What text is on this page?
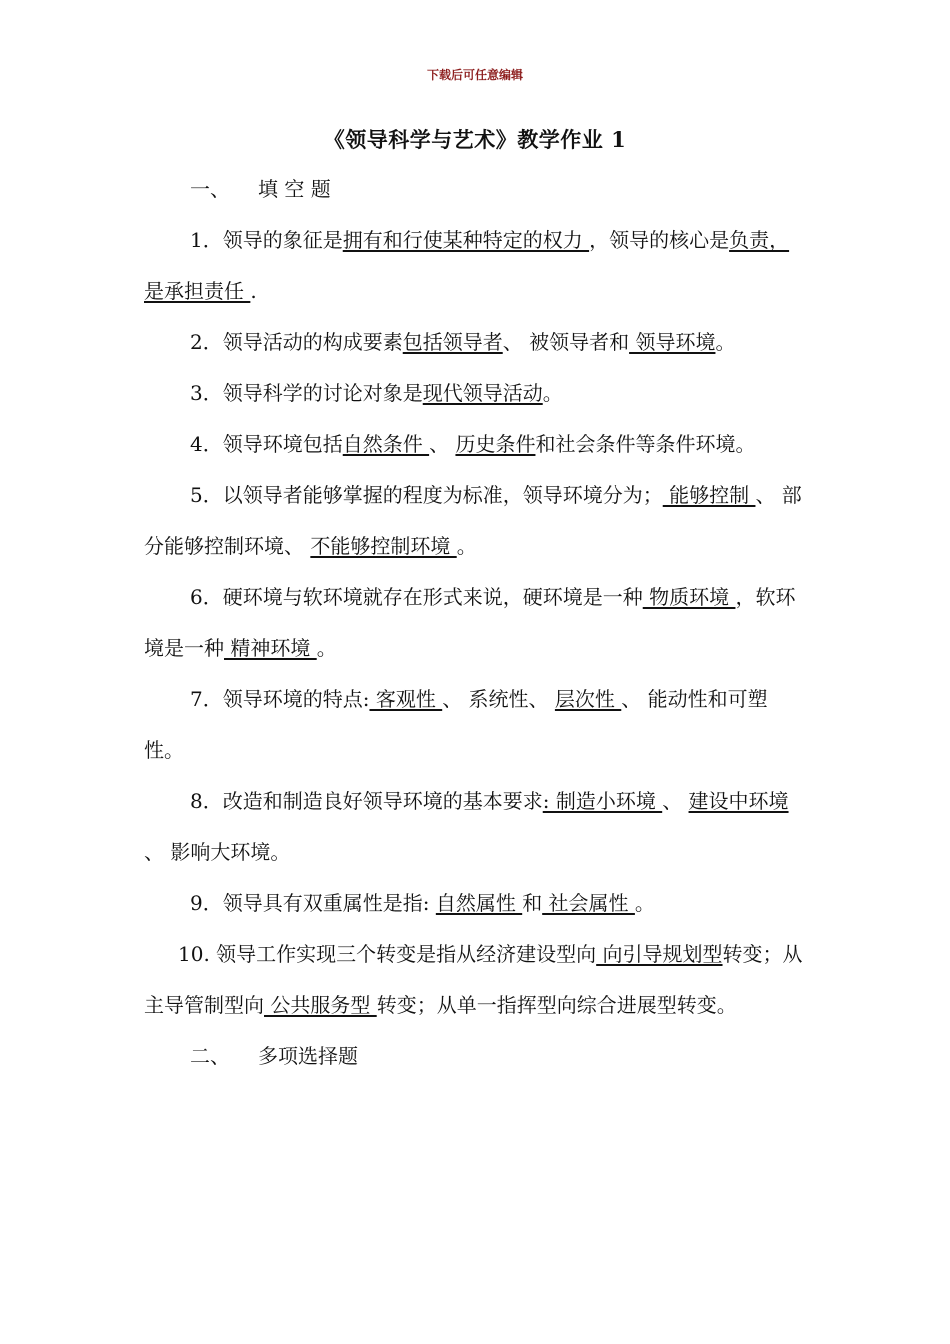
下载后可任意编辑
《领导科学与艺术》教学作业 1

一、 填 空 题

1．领导的象征是拥有和行使某种特定的权力 ，领导的核心是负责，是承担责任 .

2．领导活动的构成要素包括领导者、 被领导者和 领导环境。

3．领导科学的讨论对象是现代领导活动。

4．领导环境包括自然条件 、 历史条件和社会条件等条件环境。

5．以领导者能够掌握的程度为标准，领导环境分为； 能够控制 、 部分能够控制环境、 不能够控制环境 。

6．硬环境与软环境就存在形式来说，硬环境是一种 物质环境 ，软环境是一种 精神环境 。

7．领导环境的特点: 客观性 、 系统性、 层次性 、 能动性和可塑性。

8．改造和制造良好领导环境的基本要求: 制造小环境 、 建设中环境 、 影响大环境。

9．领导具有双重属性是指: 自然属性 和 社会属性 。

10. 领导工作实现三个转变是指从经济建设型向 向引导规划型转变；从主导管制型向 公共服务型 转变；从单一指挥型向综合进展型转变。

二、 多项选择题
